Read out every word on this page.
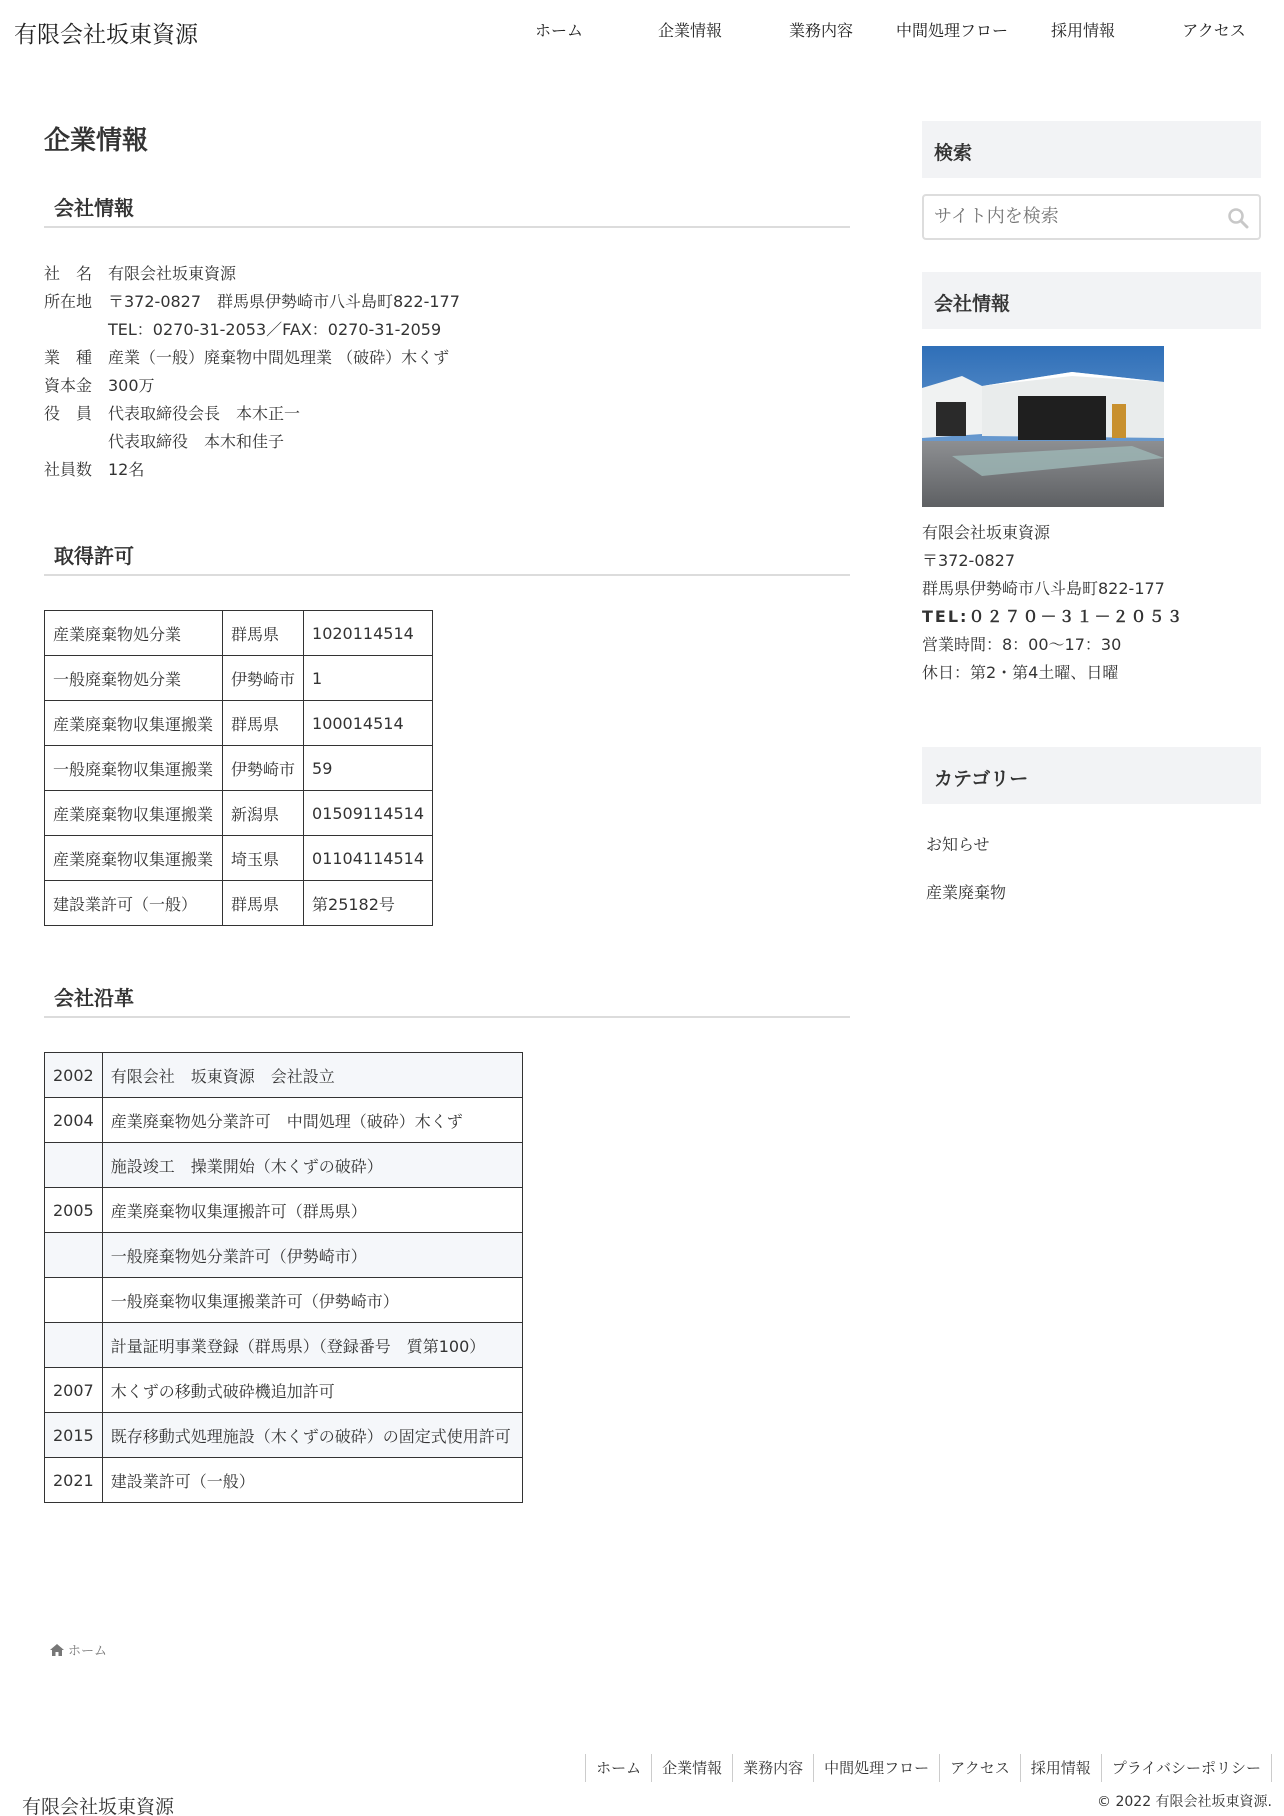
有限会社坂東資源	ホーム	企業情報	業務内容	中間処理フロー	採用情報	アクセス
企業情報
会社情報
社　名 有限会社坂東資源
所在地 〒372-0827　群馬県伊勢崎市八斗島町822-177
TEL：0270-31-2053／FAX：0270-31-2059
業　種 産業（一般）廃棄物中間処理業 （破砕）木くず
資本金 300万
役　員 代表取締役会長　本木正一
代表取締役　本木和佳子
社員数 12名
取得許可
産業廃棄物処分業	群馬県	1020114514
一般廃棄物処分業	伊勢崎市	1
産業廃棄物収集運搬業	群馬県	100014514
一般廃棄物収集運搬業	伊勢崎市	59
産業廃棄物収集運搬業	新潟県	01509114514
産業廃棄物収集運搬業	埼玉県	01104114514
建設業許可（一般）	群馬県	第25182号
会社沿革
2002	有限会社　坂東資源　会社設立
2004	産業廃棄物処分業許可　中間処理（破砕）木くず
	施設竣工　操業開始（木くずの破砕）
2005	産業廃棄物収集運搬許可（群馬県）
	一般廃棄物処分業許可（伊勢崎市）
	一般廃棄物収集運搬業許可（伊勢崎市）
	計量証明事業登録（群馬県）（登録番号　質第100）
2007	木くずの移動式破砕機追加許可
2015	既存移動式処理施設（木くずの破砕）の固定式使用許可
2021	建設業許可（一般）
検索
サイト内を検索
会社情報
有限会社坂東資源
〒372-0827
群馬県伊勢崎市八斗島町822-177
TEL:０２７０－３１－２０５３
営業時間：8：00～17：30
休日：第2・第4土曜、日曜
カテゴリー
お知らせ
産業廃棄物
ホーム
ホーム	企業情報	業務内容	中間処理フロー	アクセス	採用情報	プライバシーポリシー
有限会社坂東資源	© 2022 有限会社坂東資源.
